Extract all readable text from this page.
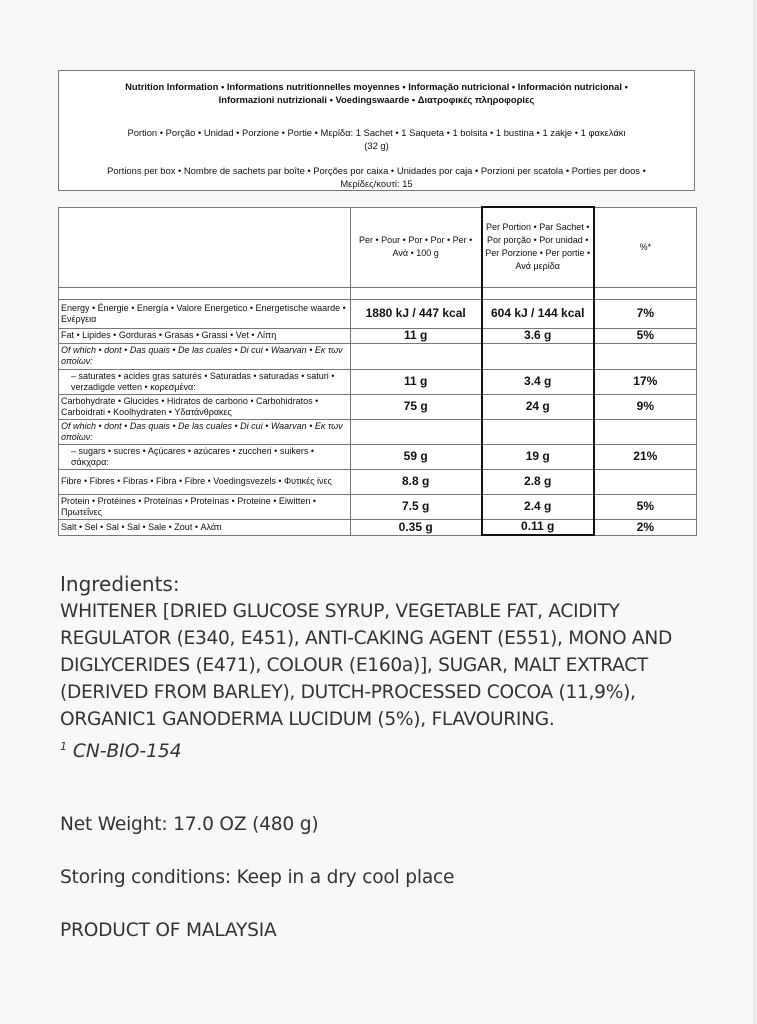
Nutrition Information • Informations nutritionnelles moyennes • Informação nutricional • Información nutricional •
Informazioni nutrizionali • Voedingswaarde • Διατροφικές πληροφορίες
Portion • Porção • Unidad • Porzione • Portie • Μερίδα: 1 Sachet • 1 Saqueta • 1 bolsita • 1 bustina • 1 zakje • 1 φακελάκι
(32 g)
Portions per box • Nombre de sachets par boîte • Porções por caixa • Unidades por caja • Porzioni per scatola • Porties per doos •
Μερίδες/κουτί: 15
	Per • Pour • Por • Por • Per • Ανά • 100 g	Per Portion • Par Sachet • Por porção • Por unidad • Per Porzione • Per portie • Ανά μερίδα	%*

Energy • Énergie • Energía • Valore Energetico • Energetische waarde • Ενέργεια	1880 kJ / 447 kcal	604 kJ / 144 kcal	7%
Fat • Lipides • Gorduras • Grasas • Grassi • Vet • Λίπη	11 g	3.6 g	5%
Of which • dont • Das quais • De las cuales • Di cui • Waarvan • Εκ των οποίων:			
– saturates • acides gras saturés • Saturadas • saturadas • saturi • verzadigde vetten • κορεσμένα:	11 g	3.4 g	17%
Carbohydrate • Glucides • Hidratos de carbono • Carbohidratos • Carboidrati • Koolhydraten • Υδατάνθρακες	75 g	24 g	9%
Of which • dont • Das quais • De las cuales • Di cui • Waarvan • Εκ των οποίων:			
– sugars • sucres • Açúcares • azúcares • zuccheri • suikers • σάκχαρα:	59 g	19 g	21%
Fibre • Fibres • Fibras • Fibra • Fibre • Voedingsvezels • Φυτικές ίνες	8.8 g	2.8 g	
Protein • Protéines • Proteínas • Proteínas • Proteine • Eiwitten • Πρωτεΐνες	7.5 g	2.4 g	5%
Salt • Sel • Sal • Sal • Sale • Zout • Αλάτι	0.35 g	0.11 g	2%
Ingredients:
WHITENER [DRIED GLUCOSE SYRUP, VEGETABLE FAT, ACIDITY REGULATOR (E340, E451), ANTI-CAKING AGENT (E551), MONO AND DIGLYCERIDES (E471), COLOUR (E160a)], SUGAR, MALT EXTRACT (DERIVED FROM BARLEY), DUTCH-PROCESSED COCOA (11,9%), ORGANIC1 GANODERMA LUCIDUM (5%), FLAVOURING.
$^1$ CN-BIO-154
Net Weight: 17.0 OZ (480 g)
Storing conditions: Keep in a dry cool place
PRODUCT OF MALAYSIA
